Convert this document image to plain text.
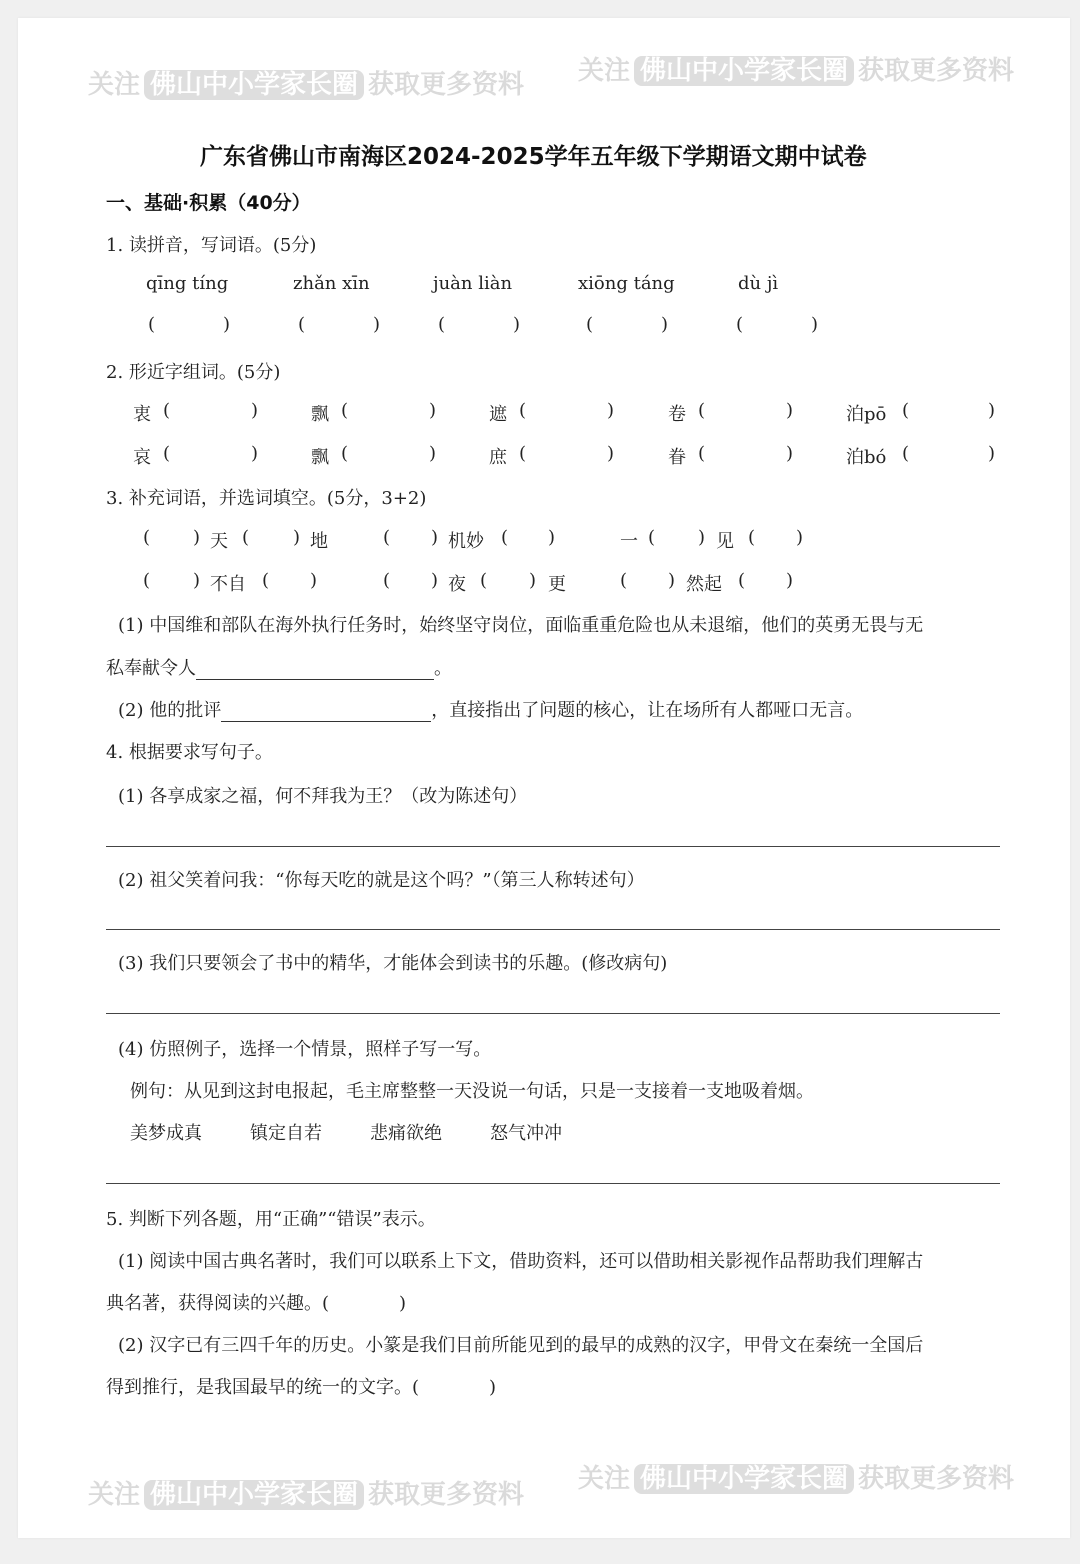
关注 佛山中小学家长圈 获取更多资料 关注 佛山中小学家长圈 获取更多资料
广东省佛山市南海区2024-2025学年五年级下学期语文期中试卷
一、基础·积累（40分）
1. 读拼音，写词语。(5分)
qīng tíng	zhǎn xīn	juàn liàn	xiōng táng	dù jì
(	)	(	)	(	)	(	)	(	)
2. 形近字组词。(5分)
衷 (	)	飘 (	)	遮 (	)	卷 (	)	泊pō (	)
哀 (	)	飘 (	)	庶 (	)	眷 (	)	泊bó (	)
3. 补充词语，并选词填空。(5分，3+2)
( ) 天 ( ) 地	( ) 机妙 ( )	一 ( ) 见 ( )
( ) 不自 ( )	( ) 夜 ( ) 更	( ) 然起 ( )
(1) 中国维和部队在海外执行任务时，始终坚守岗位，面临重重危险也从未退缩，他们的英勇无畏与无
私奉献令人	。
(2) 他的批评	，直接指出了问题的核心，让在场所有人都哑口无言。
4. 根据要求写句子。
(1) 各享成家之福，何不拜我为王？（改为陈述句）
(2) 祖父笑着问我：“你每天吃的就是这个吗？”（第三人称转述句）
(3) 我们只要领会了书中的精华，才能体会到读书的乐趣。(修改病句)
(4) 仿照例子，选择一个情景，照样子写一写。
例句：从见到这封电报起，毛主席整整一天没说一句话，只是一支接着一支地吸着烟。
美梦成真	镇定自若	悲痛欲绝	怒气冲冲
5. 判断下列各题，用“正确”“错误”表示。
(1) 阅读中国古典名著时，我们可以联系上下文，借助资料，还可以借助相关影视作品帮助我们理解古
典名著，获得阅读的兴趣。(	)
(2) 汉字已有三四千年的历史。小篆是我们目前所能见到的最早的成熟的汉字，甲骨文在秦统一全国后
得到推行，是我国最早的统一的文字。(	)
关注 佛山中小学家长圈 获取更多资料
关注 佛山中小学家长圈 获取更多资料
